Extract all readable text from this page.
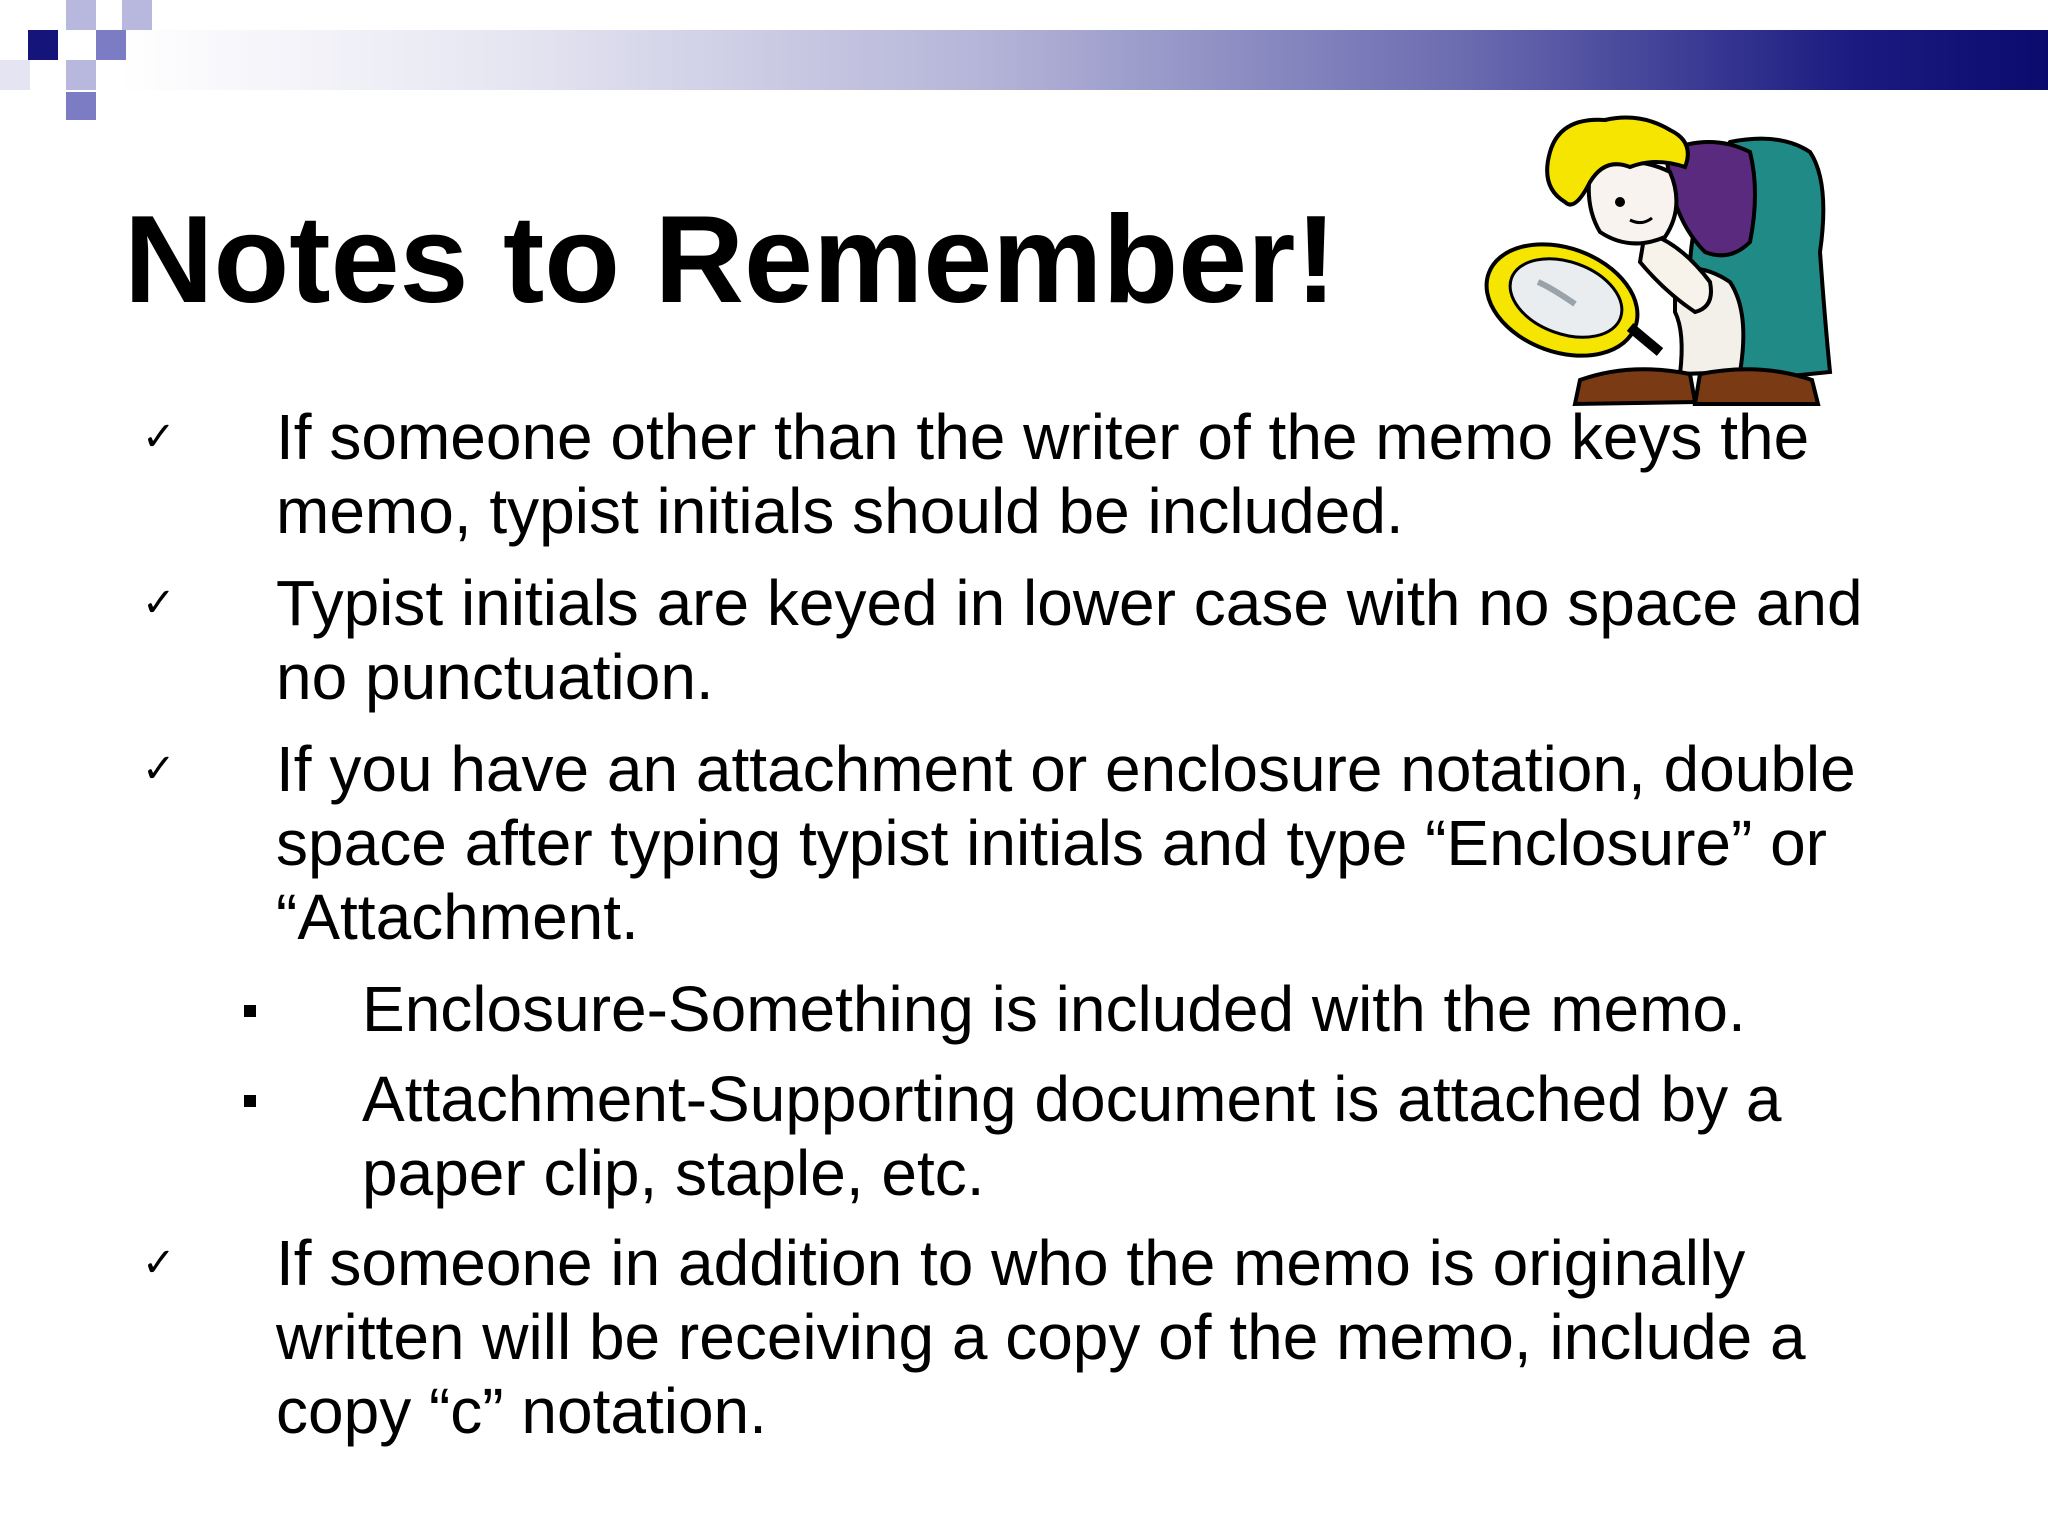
Notes to Remember!
✓ If someone other than the writer of the memo keys the memo, typist initials should be included.
✓ Typist initials are keyed in lower case with no space and no punctuation.
✓ If you have an attachment or enclosure notation, double space after typing typist initials and type “Enclosure” or “Attachment.
Enclosure-Something is included with the memo.
Attachment-Supporting document is attached by a paper clip, staple, etc.
✓ If someone in addition to who the memo is originally written will be receiving a copy of the memo, include a copy “c” notation.
